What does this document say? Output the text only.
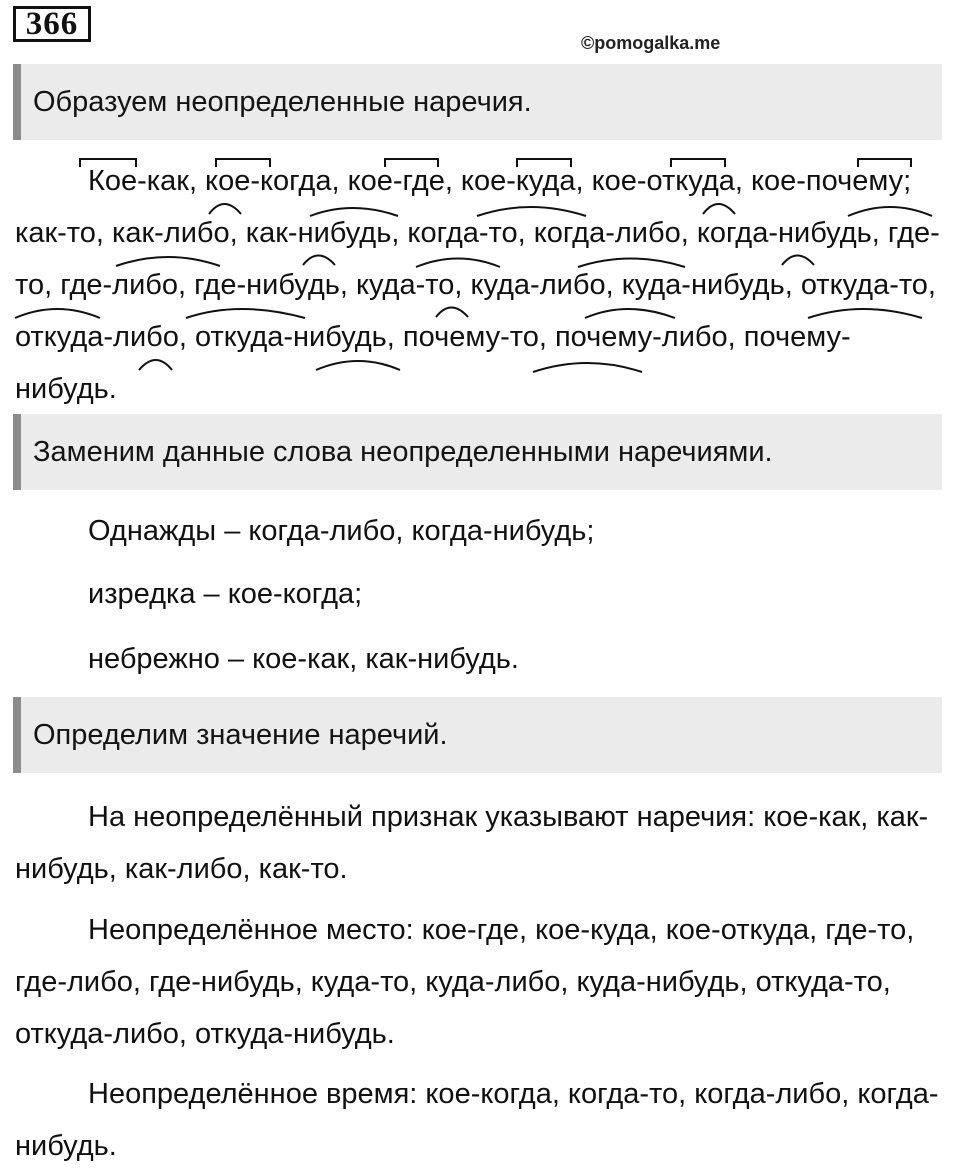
366
©pomogalka.me
Образуем неопределенные наречия.
Кое-как, кое-когда, кое-где, кое-куда, кое-откуда, кое-почему; как-то, как-либо, как-нибудь, когда-то, когда-либо, когда-нибудь, где-то, где-либо, где-нибудь, куда-то, куда-либо, куда-нибудь, откуда-то, откуда-либо, откуда-нибудь, почему-то, почему-либо, почему-нибудь.
Заменим данные слова неопределенными наречиями.
Однажды – когда-либо, когда-нибудь;
изредка – кое-когда;
небрежно – кое-как, как-нибудь.
Определим значение наречий.
На неопределённый признак указывают наречия: кое-как, как-нибудь, как-либо, как-то.
Неопределённое место: кое-где, кое-куда, кое-откуда, где-то, где-либо, где-нибудь, куда-то, куда-либо, куда-нибудь, откуда-то, откуда-либо, откуда-нибудь.
Неопределённое время: кое-когда, когда-то, когда-либо, когда-нибудь.
